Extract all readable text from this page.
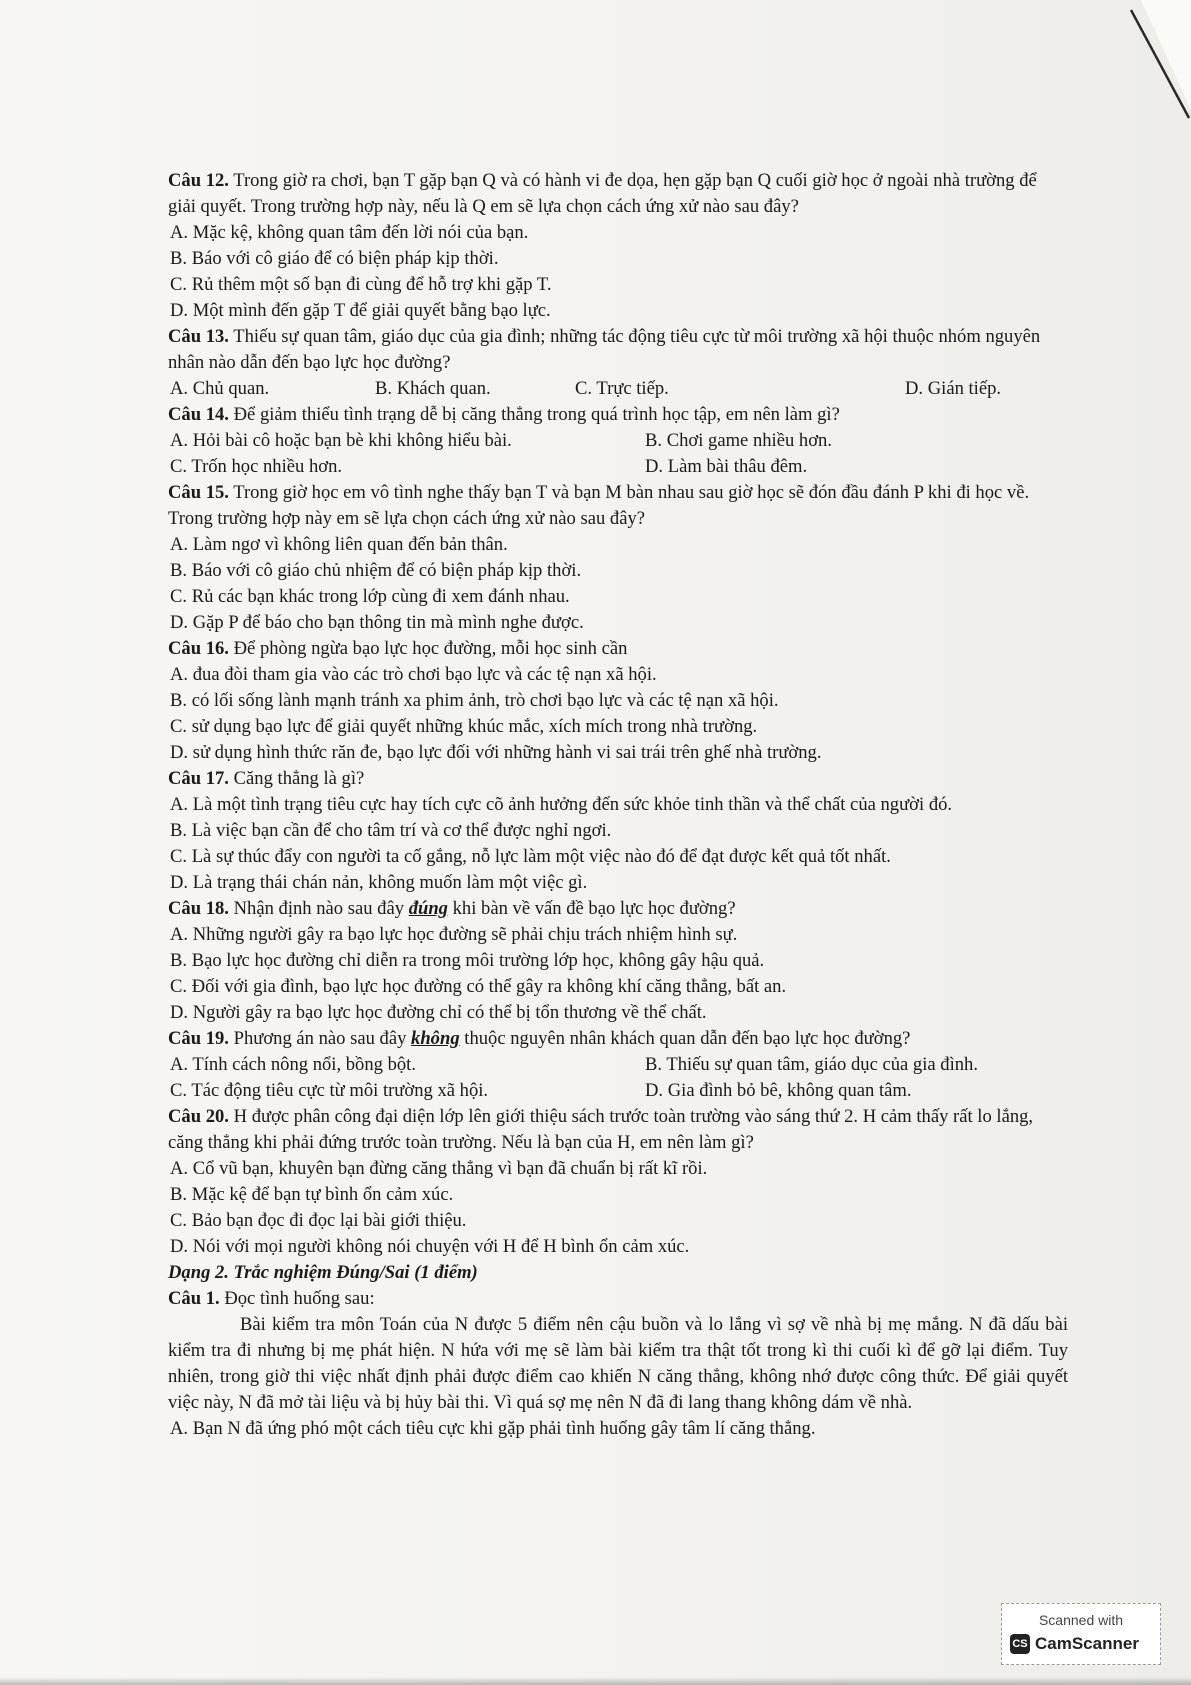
Câu 12. Trong giờ ra chơi, bạn T gặp bạn Q và có hành vi đe dọa, hẹn gặp bạn Q cuối giờ học ở ngoài nhà trường để giải quyết. Trong trường hợp này, nếu là Q em sẽ lựa chọn cách ứng xử nào sau đây?

A. Mặc kệ, không quan tâm đến lời nói của bạn.

B. Báo với cô giáo để có biện pháp kịp thời.

C. Rủ thêm một số bạn đi cùng để hỗ trợ khi gặp T.

D. Một mình đến gặp T để giải quyết bằng bạo lực.

Câu 13. Thiếu sự quan tâm, giáo dục của gia đình; những tác động tiêu cực từ môi trường xã hội thuộc nhóm nguyên nhân nào dẫn đến bạo lực học đường?

A. Chủ quan.	B. Khách quan.	C. Trực tiếp.	D. Gián tiếp.

Câu 14. Để giảm thiểu tình trạng dễ bị căng thẳng trong quá trình học tập, em nên làm gì?

A. Hỏi bài cô hoặc bạn bè khi không hiểu bài.	B. Chơi game nhiều hơn.
C. Trốn học nhiều hơn.	D. Làm bài thâu đêm.

Câu 15. Trong giờ học em vô tình nghe thấy bạn T và bạn M bàn nhau sau giờ học sẽ đón đầu đánh P khi đi học về. Trong trường hợp này em sẽ lựa chọn cách ứng xử nào sau đây?

A. Làm ngơ vì không liên quan đến bản thân.

B. Báo với cô giáo chủ nhiệm để có biện pháp kịp thời.

C. Rủ các bạn khác trong lớp cùng đi xem đánh nhau.

D. Gặp P để báo cho bạn thông tin mà mình nghe được.

Câu 16. Để phòng ngừa bạo lực học đường, mỗi học sinh cần

A. đua đòi tham gia vào các trò chơi bạo lực và các tệ nạn xã hội.

B. có lối sống lành mạnh tránh xa phim ảnh, trò chơi bạo lực và các tệ nạn xã hội.

C. sử dụng bạo lực để giải quyết những khúc mắc, xích mích trong nhà trường.

D. sử dụng hình thức răn đe, bạo lực đối với những hành vi sai trái trên ghế nhà trường.

Câu 17. Căng thẳng là gì?

A. Là một tình trạng tiêu cực hay tích cực cõ ảnh hưởng đến sức khỏe tinh thần và thể chất của người đó.

B. Là việc bạn cần để cho tâm trí và cơ thể được nghỉ ngơi.

C. Là sự thúc đẩy con người ta cố gắng, nỗ lực làm một việc nào đó để đạt được kết quả tốt nhất.

D. Là trạng thái chán nản, không muốn làm một việc gì.

Câu 18. Nhận định nào sau đây đúng khi bàn về vấn đề bạo lực học đường?

A. Những người gây ra bạo lực học đường sẽ phải chịu trách nhiệm hình sự.

B. Bạo lực học đường chỉ diễn ra trong môi trường lớp học, không gây hậu quả.

C. Đối với gia đình, bạo lực học đường có thể gây ra không khí căng thẳng, bất an.

D. Người gây ra bạo lực học đường chỉ có thể bị tổn thương về thể chất.

Câu 19. Phương án nào sau đây không thuộc nguyên nhân khách quan dẫn đến bạo lực học đường?

A. Tính cách nông nổi, bồng bột.	B. Thiếu sự quan tâm, giáo dục của gia đình.
C. Tác động tiêu cực từ môi trường xã hội.	D. Gia đình bỏ bê, không quan tâm.

Câu 20. H được phân công đại diện lớp lên giới thiệu sách trước toàn trường vào sáng thứ 2. H cảm thấy rất lo lắng, căng thẳng khi phải đứng trước toàn trường. Nếu là bạn của H, em nên làm gì?

A. Cổ vũ bạn, khuyên bạn đừng căng thẳng vì bạn đã chuẩn bị rất kĩ rồi.

B. Mặc kệ để bạn tự bình ổn cảm xúc.

C. Bảo bạn đọc đi đọc lại bài giới thiệu.

D. Nói với mọi người không nói chuyện với H để H bình ổn cảm xúc.

Dạng 2. Trắc nghiệm Đúng/Sai (1 điểm)

Câu 1. Đọc tình huống sau:

Bài kiểm tra môn Toán của N được 5 điểm nên cậu buồn và lo lắng vì sợ về nhà bị mẹ mắng. N đã dấu bài kiểm tra đi nhưng bị mẹ phát hiện. N hứa với mẹ sẽ làm bài kiểm tra thật tốt trong kì thi cuối kì để gỡ lại điểm. Tuy nhiên, trong giờ thi việc nhất định phải được điểm cao khiến N căng thẳng, không nhớ được công thức. Để giải quyết việc này, N đã mở tài liệu và bị hủy bài thi. Vì quá sợ mẹ nên N đã đi lang thang không dám về nhà.

A. Bạn N đã ứng phó một cách tiêu cực khi gặp phải tình huống gây tâm lí căng thẳng.

Scanned with
CS CamScanner
